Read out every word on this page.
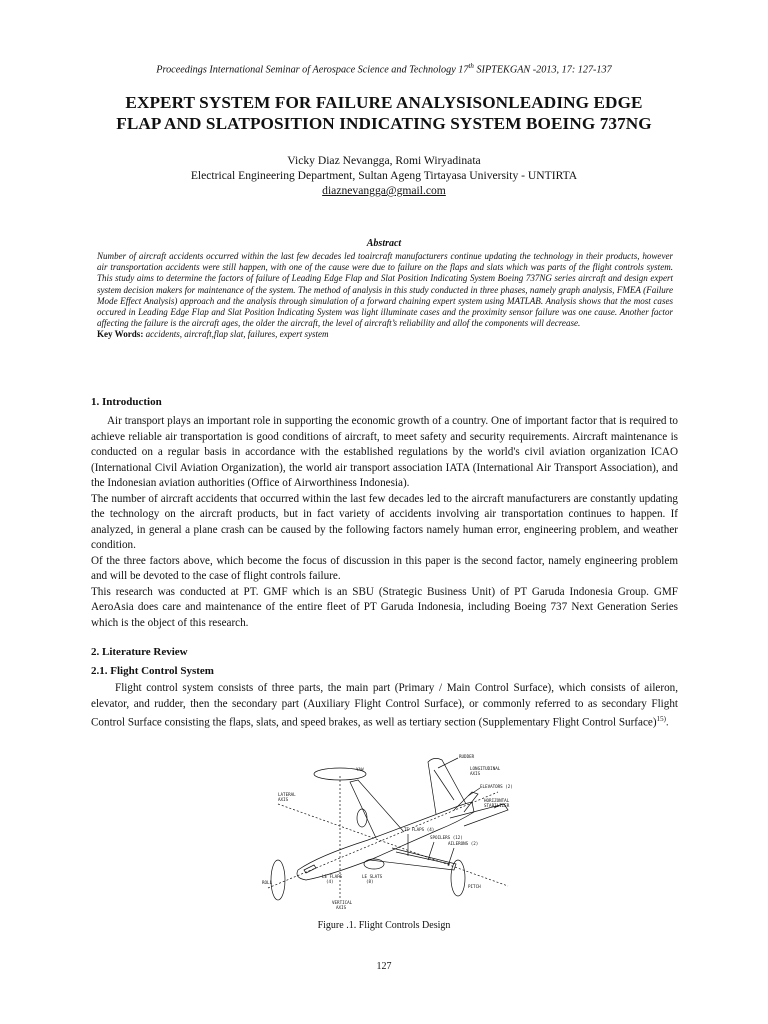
Proceedings International Seminar of Aerospace Science and Technology 17th SIPTEKGAN -2013, 17: 127-137
EXPERT SYSTEM FOR FAILURE ANALYSISONLEADING EDGE
FLAP AND SLATPOSITION INDICATING SYSTEM BOEING 737NG
Vicky Diaz Nevangga, Romi Wiryadinata
Electrical Engineering Department, Sultan Ageng Tirtayasa University - UNTIRTA
diaznevangga@gmail.com
Abstract

Number of aircraft accidents occurred within the last few decades led toaircraft manufacturers continue updating the technology in their products, however air transportation accidents were still happen, with one of the cause were due to failure on the flaps and slats which was parts of the flight controls system. This study aims to determine the factors of failure of Leading Edge Flap and Slat Position Indicating System Boeing 737NG series aircraft and design expert system decision makers for maintenance of the system. The method of analysis in this study conducted in three phases, namely graph analysis, FMEA (Failure Mode Effect Analysis) approach and the analysis through simulation of a forward chaining expert system using MATLAB. Analysis shows that the most cases occured in Leading Edge Flap and Slat Position Indicating System was light illuminate cases and the proximity sensor failure was one cause. Another factor affecting the failure is the aircraft ages, the older the aircraft, the level of aircraft’s reliability and allof the components will decrease.

Key Words: accidents, aircraft,flap slat, failures, expert system

1. Introduction

Air transport plays an important role in supporting the economic growth of a country. One of important factor that is required to achieve reliable air transportation is good conditions of aircraft, to meet safety and security requirements. Aircraft maintenance is conducted on a regular basis in accordance with the established regulations by the world's civil aviation organization ICAO (International Civil Aviation Organization), the world air transport association IATA (International Air Transport Association), and the Indonesian aviation authorities (Office of Airworthiness Indonesia).

The number of aircraft accidents that occurred within the last few decades led to the aircraft manufacturers are constantly updating the technology on the aircraft products, but in fact variety of accidents involving air transportation continues to happen. If analyzed, in general a plane crash can be caused by the following factors namely human error, engineering problem, and weather condition.

Of the three factors above, which become the focus of discussion in this paper is the second factor, namely engineering problem and will be devoted to the case of flight controls failure.

This research was conducted at PT. GMF which is an SBU (Strategic Business Unit) of PT Garuda Indonesia Group. GMF AeroAsia does care and maintenance of the entire fleet of PT Garuda Indonesia, including Boeing 737 Next Generation Series which is the object of this research.

2. Literature Review
2.1. Flight Control System

Flight control system consists of three parts, the main part (Primary / Main Control Surface), which consists of aileron, elevator, and rudder, then the secondary part (Auxiliary Flight Control Surface), or commonly referred to as secondary Flight Control Surface consisting the flaps, slats, and speed brakes, as well as tertiary section (Supplementary Flight Control Surface)$^{15)}$.

YAW
RUDDER
LONGITUDINAL
AXIS
ELEVATORS (2)
HORIZONTAL
STABILIZER
LATERAL
AXIS
TE FLAPS (4)
SPOILERS (12)
AILERONS (2)
LE FLAPS
(4)
LE SLATS
(8)
ROLL
PITCH
VERTICAL
AXIS
Figure .1. Flight Controls Design
127
